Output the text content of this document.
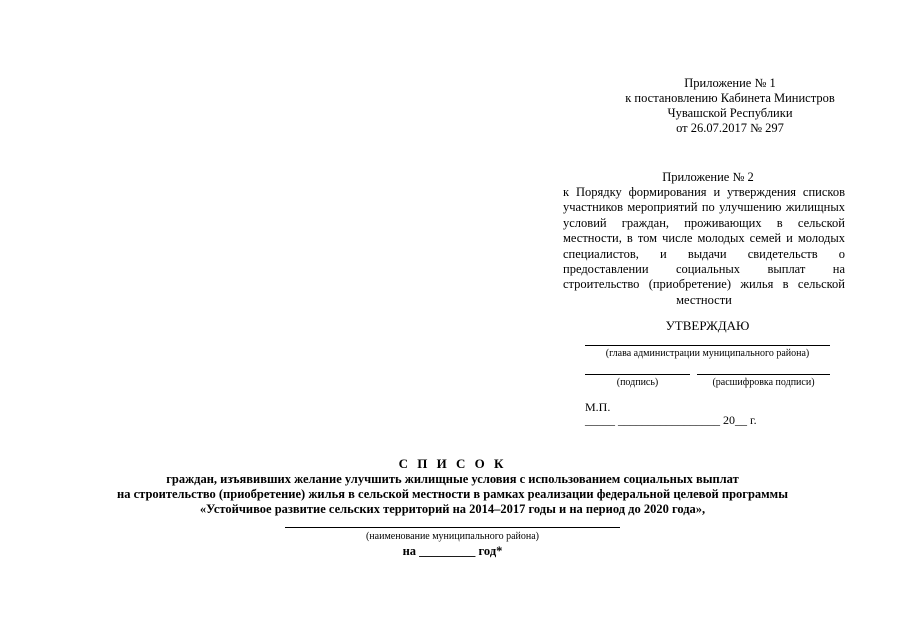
Приложение № 1
к постановлению Кабинета Министров
Чувашской Республики
от 26.07.2017 № 297
Приложение № 2
к Порядку формирования и утверждения списков участников мероприятий по улучшению жилищных условий граждан, проживающих в сельской местности, в том числе молодых семей и молодых специалистов, и выдачи свидетельств о предоставлении социальных выплат на строительство (приобретение) жилья в сельской местности
УТВЕРЖДАЮ
(глава администрации муниципального района)
(подпись)	(расшифровка подписи)
М.П.
_____ _________________ 20__ г.
С П И С О К
граждан, изъявивших желание улучшить жилищные условия с использованием социальных выплат
на строительство (приобретение) жилья в сельской местности в рамках реализации федеральной целевой программы
«Устойчивое развитие сельских территорий на 2014–2017 годы и на период до 2020 года»,
(наименование муниципального района)
на _________ год*
